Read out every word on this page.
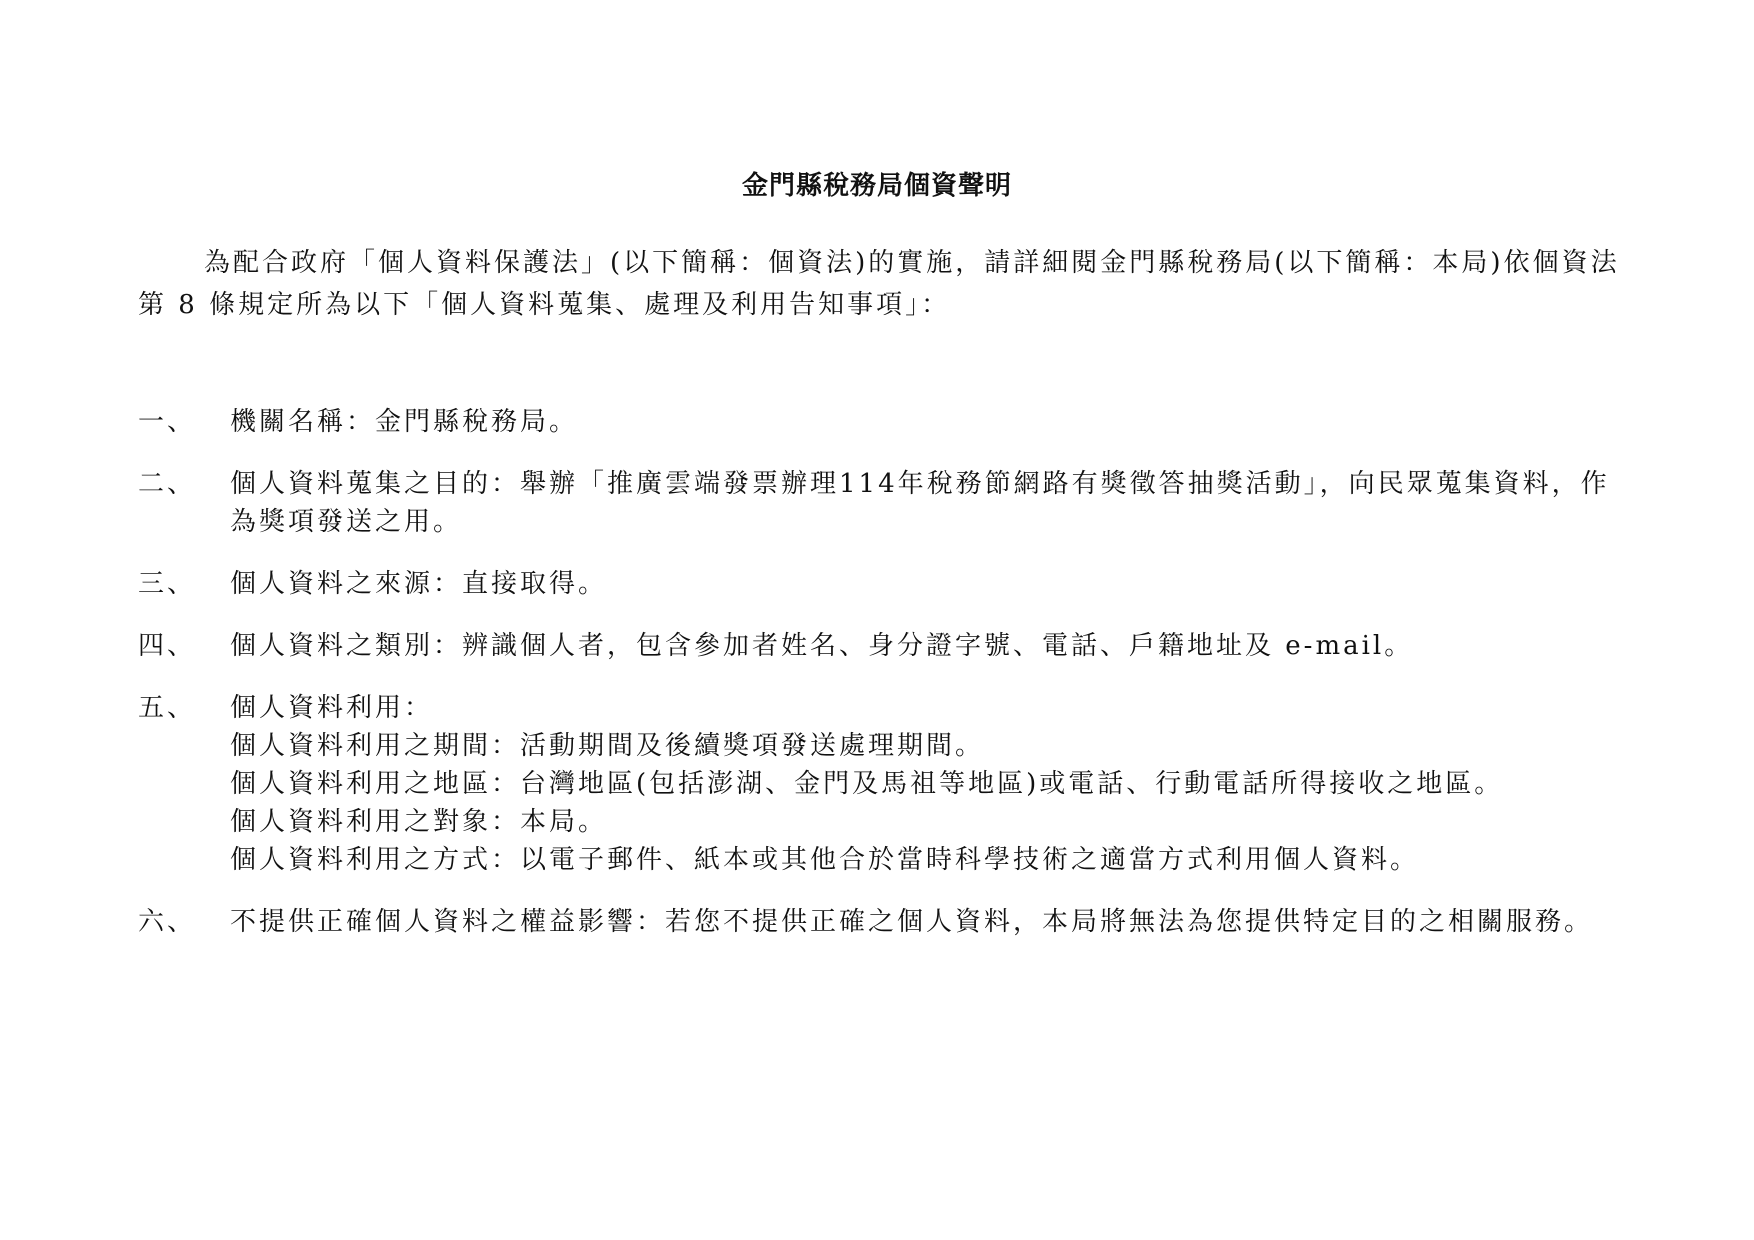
金門縣稅務局個資聲明

為配合政府「個人資料保護法」(以下簡稱：個資法)的實施，請詳細閱金門縣稅務局(以下簡稱：本局)依個資法第 8 條規定所為以下「個人資料蒐集、處理及利用告知事項」：

一、	機關名稱：金門縣稅務局。
二、	個人資料蒐集之目的：舉辦「推廣雲端發票辦理114年稅務節網路有獎徵答抽獎活動」，向民眾蒐集資料，作為獎項發送之用。
三、	個人資料之來源：直接取得。
四、	個人資料之類別：辨識個人者，包含參加者姓名、身分證字號、電話、戶籍地址及 e-mail。
五、	個人資料利用：
個人資料利用之期間：活動期間及後續獎項發送處理期間。
個人資料利用之地區：台灣地區(包括澎湖、金門及馬祖等地區)或電話、行動電話所得接收之地區。
個人資料利用之對象：本局。
個人資料利用之方式：以電子郵件、紙本或其他合於當時科學技術之適當方式利用個人資料。
六、	不提供正確個人資料之權益影響：若您不提供正確之個人資料，本局將無法為您提供特定目的之相關服務。
